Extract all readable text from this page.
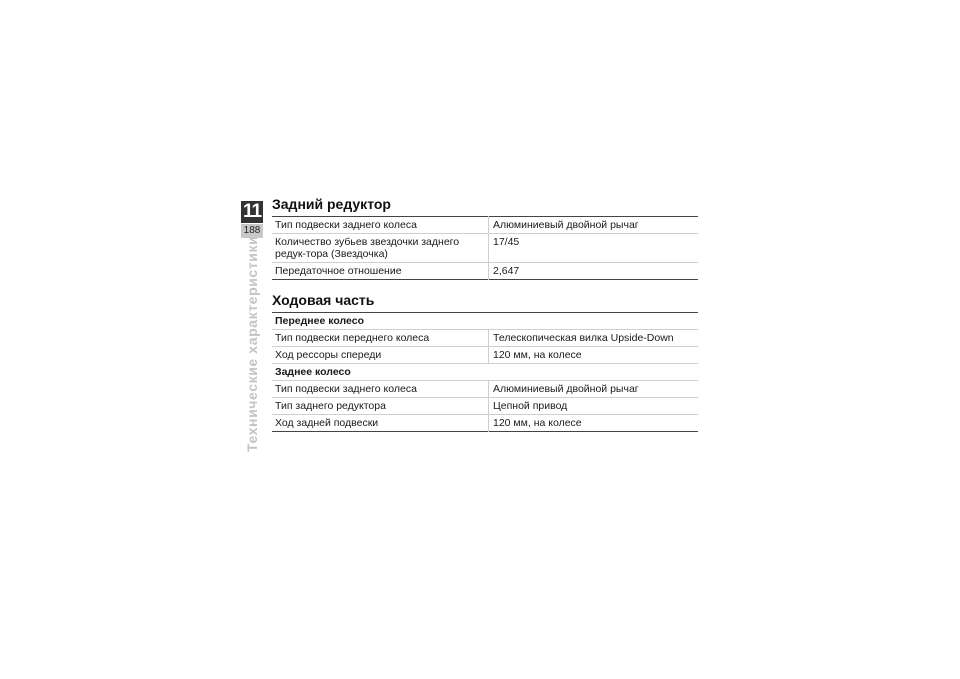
11
188
Технические характеристики
Задний редуктор
Тип подвески заднего колеса	Алюминиевый двойной рычаг
Количество зубьев звездочки заднего редук-тора (Звездочка)	17/45
Передаточное отношение	2,647
Ходовая часть
Переднее колесо	
Тип подвески переднего колеса	Телескопическая вилка Upside-Down
Ход рессоры спереди	120 мм, на колесе
Заднее колесо	
Тип подвески заднего колеса	Алюминиевый двойной рычаг
Тип заднего редуктора	Цепной привод
Ход задней подвески	120 мм, на колесе
